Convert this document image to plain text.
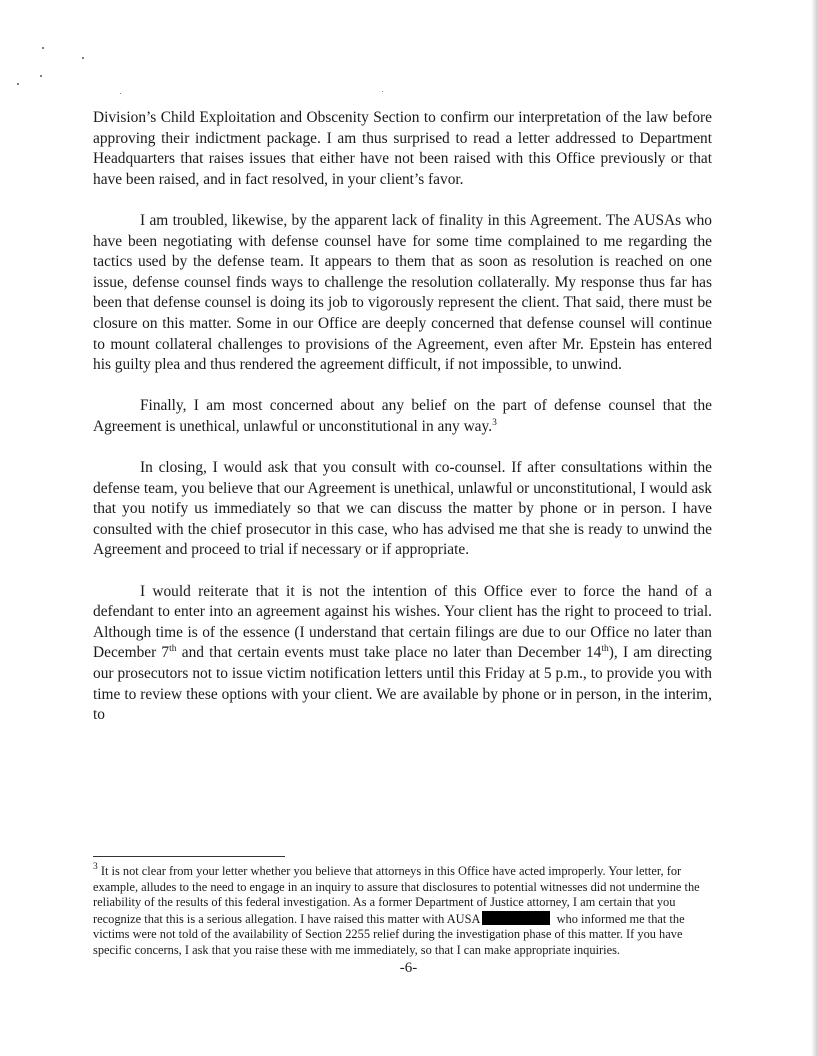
Division’s Child Exploitation and Obscenity Section to confirm our interpretation of the law before approving their indictment package. I am thus surprised to read a letter addressed to Department Headquarters that raises issues that either have not been raised with this Office previously or that have been raised, and in fact resolved, in your client’s favor.

I am troubled, likewise, by the apparent lack of finality in this Agreement. The AUSAs who have been negotiating with defense counsel have for some time complained to me regarding the tactics used by the defense team. It appears to them that as soon as resolution is reached on one issue, defense counsel finds ways to challenge the resolution collaterally. My response thus far has been that defense counsel is doing its job to vigorously represent the client. That said, there must be closure on this matter. Some in our Office are deeply concerned that defense counsel will continue to mount collateral challenges to provisions of the Agreement, even after Mr. Epstein has entered his guilty plea and thus rendered the agreement difficult, if not impossible, to unwind.

Finally, I am most concerned about any belief on the part of defense counsel that the Agreement is unethical, unlawful or unconstitutional in any way.$^3$

In closing, I would ask that you consult with co-counsel. If after consultations within the defense team, you believe that our Agreement is unethical, unlawful or unconstitutional, I would ask that you notify us immediately so that we can discuss the matter by phone or in person. I have consulted with the chief prosecutor in this case, who has advised me that she is ready to unwind the Agreement and proceed to trial if necessary or if appropriate.

I would reiterate that it is not the intention of this Office ever to force the hand of a defendant to enter into an agreement against his wishes. Your client has the right to proceed to trial. Although time is of the essence (I understand that certain filings are due to our Office no later than December 7th and that certain events must take place no later than December 14th), I am directing our prosecutors not to issue victim notification letters until this Friday at 5 p.m., to provide you with time to review these options with your client. We are available by phone or in person, in the interim, to

$^3$ It is not clear from your letter whether you believe that attorneys in this Office have acted improperly. Your letter, for example, alludes to the need to engage in an inquiry to assure that disclosures to potential witnesses did not undermine the reliability of the results of this federal investigation. As a former Department of Justice attorney, I am certain that you recognize that this is a serious allegation. I have raised this matter with AUSA	who informed me that the victims were not told of the availability of Section 2255 relief during the investigation phase of this matter. If you have specific concerns, I ask that you raise these with me immediately, so that I can make appropriate inquiries.

-6-
